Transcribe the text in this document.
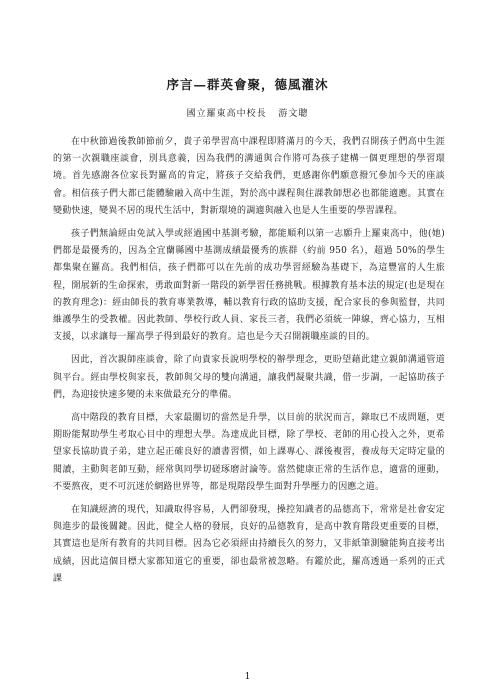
序言—群英會聚，德風灌沐
國立羅東高中校長 游文聰

在中秋節過後教師節前夕，貴子弟學習高中課程即將滿月的今天，我們召開孩子們高中生涯的第一次親職座談會，別具意義，因為我們的溝通與合作將可為孩子建構一個更理想的學習環境。首先感謝各位家長對羅高的肯定，將孩子交給我們，更感謝你們願意撥冗參加今天的座談會。相信孩子們大都已能體驗融入高中生涯，對於高中課程與住課教師想必也都能適應。其實在變動快速，變異不居的現代生活中，對新環境的調適與融入也是人生重要的學習課程。

孩子們無論經由免試入學或經過國中基測考驗，都能順利以第一志願升上羅東高中，他(她)們都是最優秀的，因為全宜蘭縣國中基測成績最優秀的族群（約前 950 名），超過 50%的學生都集聚在羅高。我們相信，孩子們都可以在先前的成功學習經驗為基礎下，為這豐富的人生旅程，開展新的生命探索，勇敢面對新一階段的新學習任務挑戰。根據教育基本法的規定(也是現在的教育理念)：經由師長的教育專業教導，輔以教育行政的協助支援，配合家長的參與監督，共同維護學生的受教權。因此教師、學校行政人員、家長三者，我們必須統一陣線，齊心協力，互相支援，以求讓每一羅高學子得到最好的教育。這也是今天召開親職座談的目的。

因此，首次親師座談會，除了向貴家長說明學校的辦學理念，更盼望藉此建立親師溝通管道與平台。經由學校與家長，教師與父母的雙向溝通，讓我們凝聚共識，借一步調，一起協助孩子們，為迎接快速多變的未來做最充分的準備。

高中階段的教育目標，大家最關切的當然是升學，以目前的狀況而言，錄取已不成問題，更期盼能幫助學生考取心目中的理想大學。為達成此目標，除了學校、老師的用心投入之外，更希望家長協助貴子弟，建立起正確良好的讀書習慣，如上課專心、課後複習，養成每天定時定量的閱讀，主動與老師互動，經常與同學切磋琢磨討論等。當然健康正常的生活作息，適當的運動，不要熬夜，更不可沉迷於網路世界等，都是現階段學生面對升學壓力的因應之道。

在知識經濟的現代，知識取得容易，人們卻發現，操控知識者的品德高下，常常是社會安定與進步的最後關鍵。因此，健全人格的發展，良好的品德教育，是高中教育階段更重要的目標，其實這也是所有教育的共同目標。因為它必須經由持續長久的努力，又非紙筆測驗能夠直接考出成績，因此這個目標大家都知道它的重要，卻也最常被忽略。有鑑於此，羅高透過一系列的正式課

1
